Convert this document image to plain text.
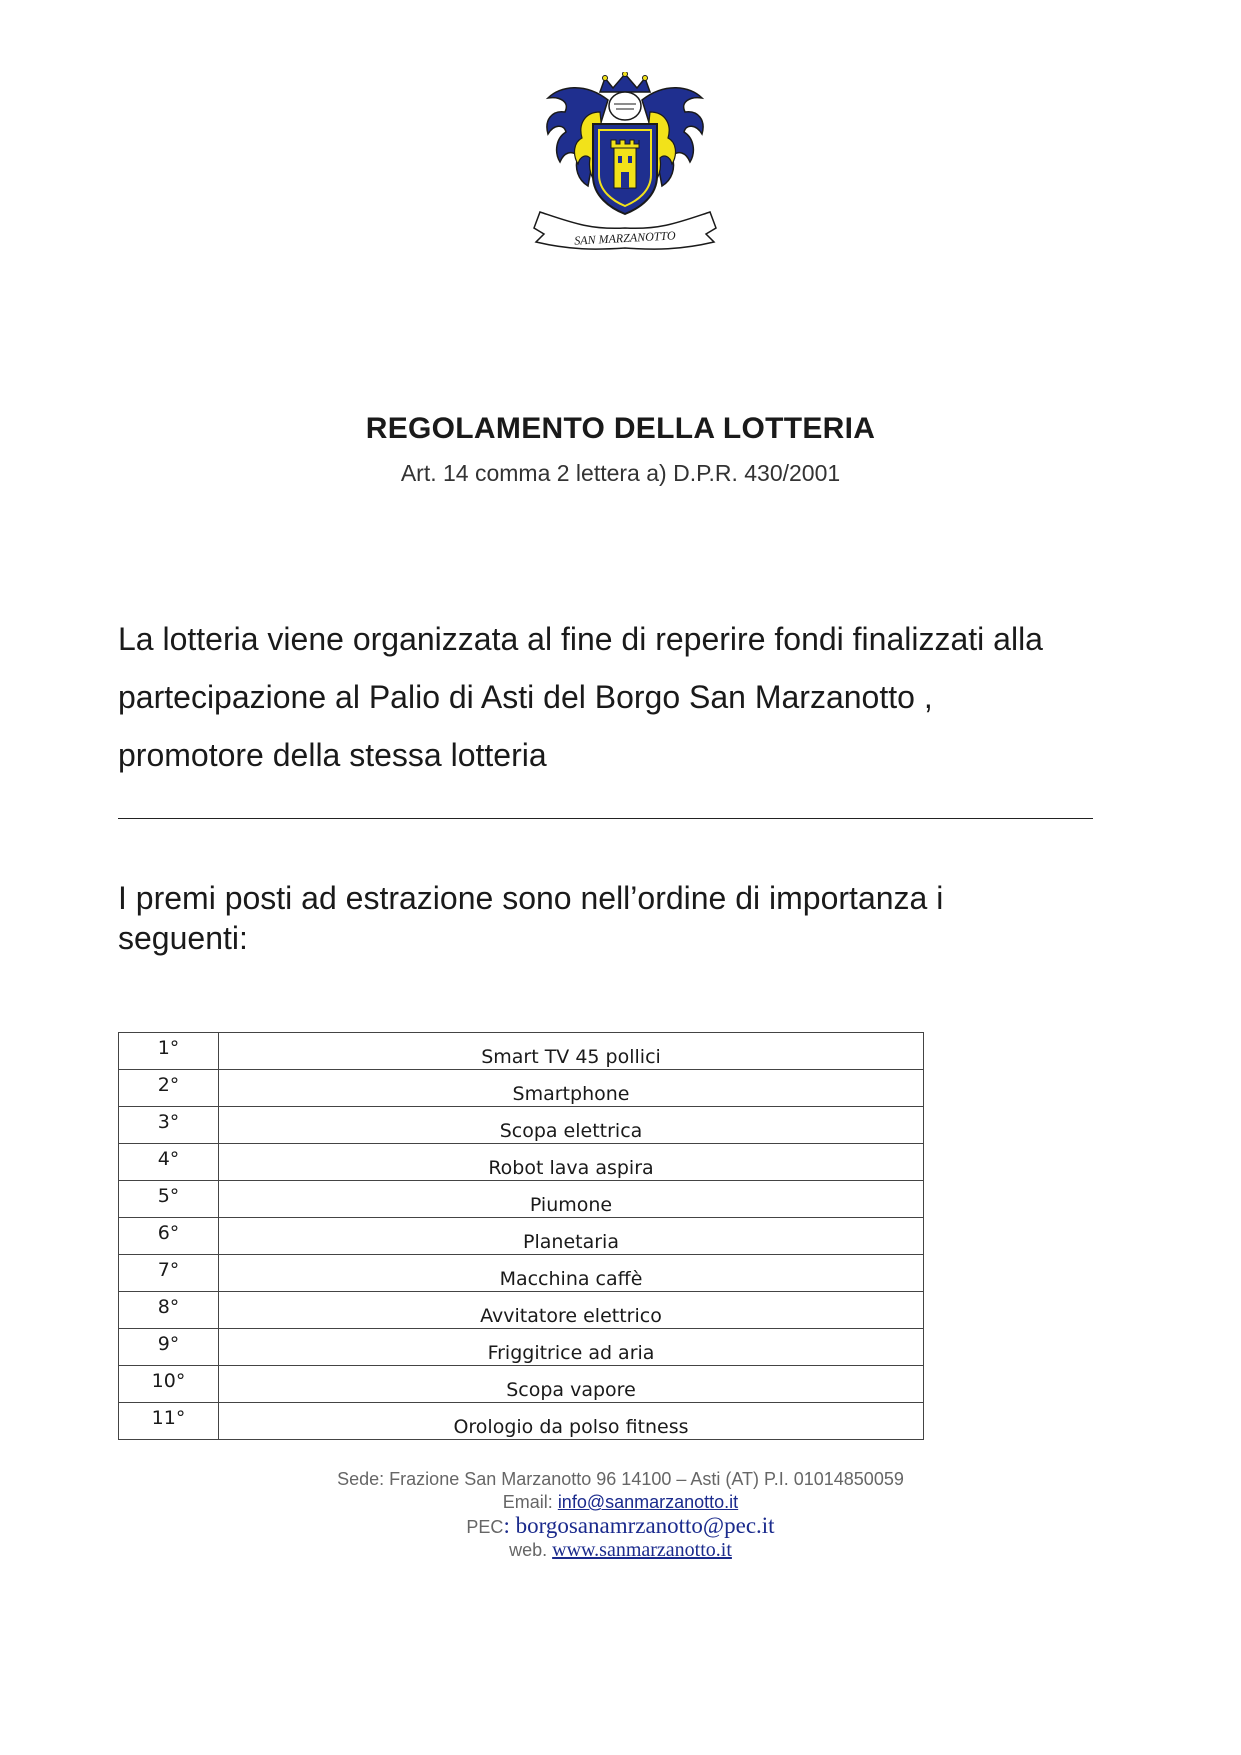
SAN MARZANOTTO
REGOLAMENTO DELLA LOTTERIA

Art. 14 comma 2 lettera a) D.P.R. 430/2001

La lotteria viene organizzata al fine di reperire fondi finalizzati alla
partecipazione al Palio di Asti del Borgo San Marzanotto ,
promotore della stessa lotteria

I premi posti ad estrazione sono nell’ordine di importanza i seguenti:

1°	Smart TV 45 pollici
2°	Smartphone
3°	Scopa elettrica
4°	Robot lava aspira
5°	Piumone
6°	Planetaria
7°	Macchina caffè
8°	Avvitatore elettrico
9°	Friggitrice ad aria
10°	Scopa vapore
11°	Orologio da polso fitness
Sede: Frazione San Marzanotto 96 14100 – Asti (AT) P.I. 01014850059
Email: info@sanmarzanotto.it
PEC: borgosanamrzanotto@pec.it
web. www.sanmarzanotto.it
